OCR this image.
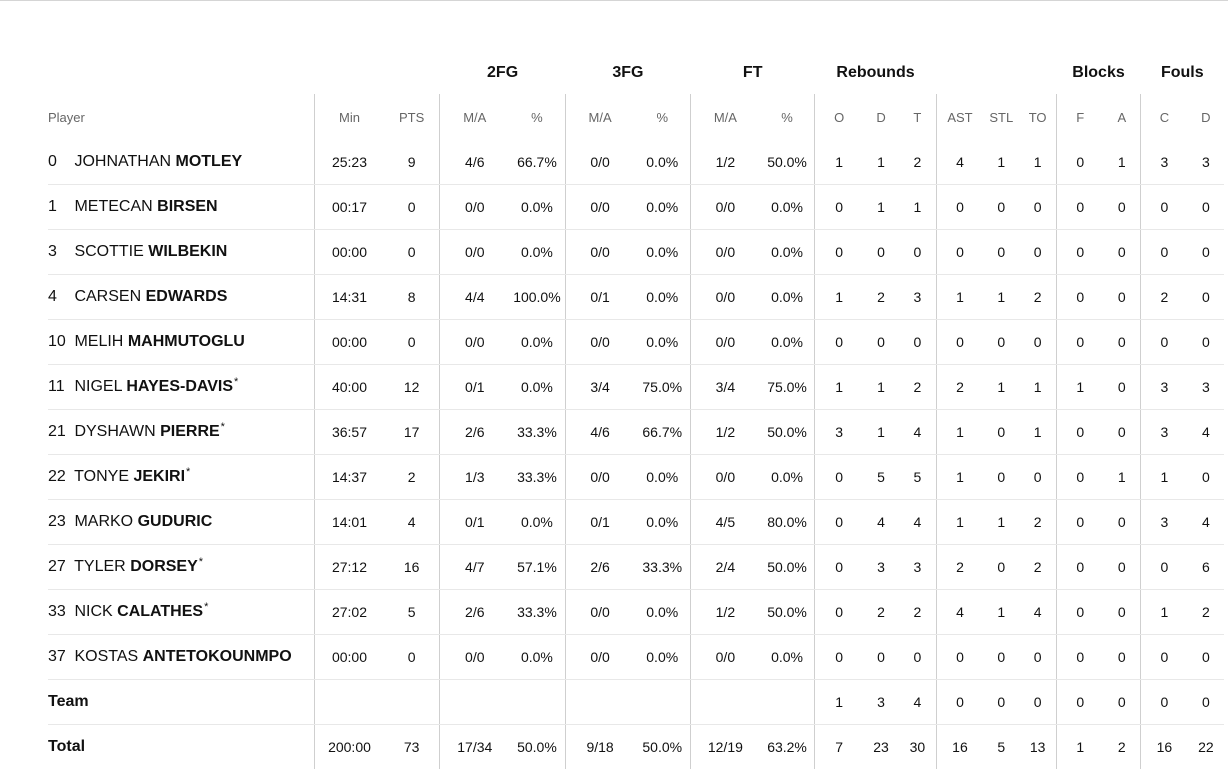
			2FG		3FG		FT		Rebounds						Blocks		Fouls	
Player	Min	PTS	M/A	%	M/A	%	M/A	%	O	D	T	AST	STL	TO	F	A	C	D
0 JOHNATHAN MOTLEY	25:23	9	4/6	66.7%	0/0	0.0%	1/2	50.0%	1	1	2	4	1	1	0	1	3	3
1 METECAN BIRSEN	00:17	0	0/0	0.0%	0/0	0.0%	0/0	0.0%	0	1	1	0	0	0	0	0	0	0
3 SCOTTIE WILBEKIN	00:00	0	0/0	0.0%	0/0	0.0%	0/0	0.0%	0	0	0	0	0	0	0	0	0	0
4 CARSEN EDWARDS	14:31	8	4/4	100.0%	0/1	0.0%	0/0	0.0%	1	2	3	1	1	2	0	0	2	0
10 MELIH MAHMUTOGLU	00:00	0	0/0	0.0%	0/0	0.0%	0/0	0.0%	0	0	0	0	0	0	0	0	0	0
11 NIGEL HAYES-DAVIS*	40:00	12	0/1	0.0%	3/4	75.0%	3/4	75.0%	1	1	2	2	1	1	1	0	3	3
21 DYSHAWN PIERRE*	36:57	17	2/6	33.3%	4/6	66.7%	1/2	50.0%	3	1	4	1	0	1	0	0	3	4
22 TONYE JEKIRI*	14:37	2	1/3	33.3%	0/0	0.0%	0/0	0.0%	0	5	5	1	0	0	0	1	1	0
23 MARKO GUDURIC	14:01	4	0/1	0.0%	0/1	0.0%	4/5	80.0%	0	4	4	1	1	2	0	0	3	4
27 TYLER DORSEY*	27:12	16	4/7	57.1%	2/6	33.3%	2/4	50.0%	0	3	3	2	0	2	0	0	0	6
33 NICK CALATHES*	27:02	5	2/6	33.3%	0/0	0.0%	1/2	50.0%	0	2	2	4	1	4	0	0	1	2
37 KOSTAS ANTETOKOUNMPO	00:00	0	0/0	0.0%	0/0	0.0%	0/0	0.0%	0	0	0	0	0	0	0	0	0	0
Team									1	3	4	0	0	0	0	0	0	0
Total	200:00	73	17/34	50.0%	9/18	50.0%	12/19	63.2%	7	23	30	16	5	13	1	2	16	22
